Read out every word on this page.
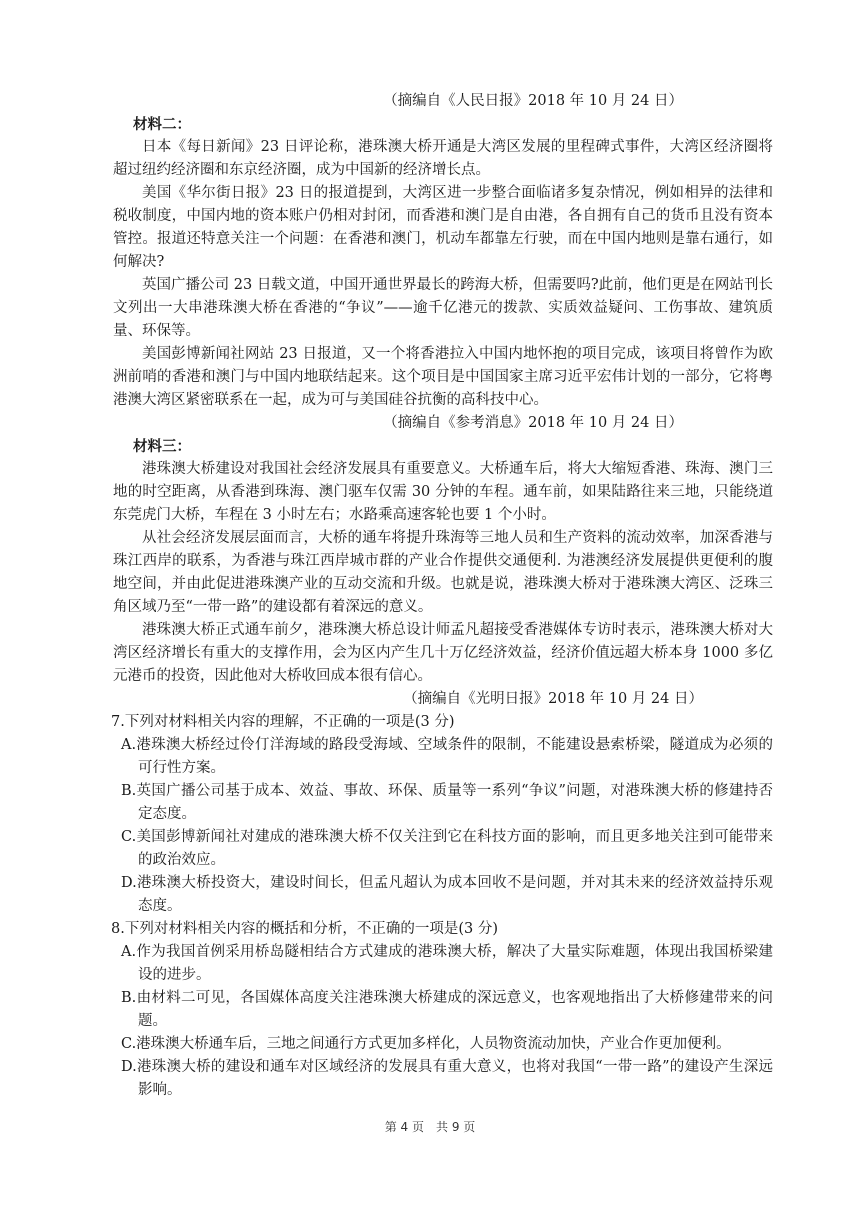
（摘编自《人民日报》2018 年 10 月 24 日）

材料二：

日本《每日新闻》23 日评论称，港珠澳大桥开通是大湾区发展的里程碑式事件，大湾区经济圈将超过纽约经济圈和东京经济圈，成为中国新的经济增长点。

美国《华尔街日报》23 日的报道提到，大湾区进一步整合面临诸多复杂情况，例如相异的法律和税收制度，中国内地的资本账户仍相对封闭，而香港和澳门是自由港，各自拥有自己的货币且没有资本管控。报道还特意关注一个问题：在香港和澳门，机动车都靠左行驶，而在中国内地则是靠右通行，如何解决?

英国广播公司 23 日载文道，中国开通世界最长的跨海大桥，但需要吗?此前，他们更是在网站刊长文列出一大串港珠澳大桥在香港的“争议”——逾千亿港元的拨款、实质效益疑问、工伤事故、建筑质量、环保等。

美国彭博新闻社网站 23 日报道，又一个将香港拉入中国内地怀抱的项目完成，该项目将曾作为欧洲前哨的香港和澳门与中国内地联结起来。这个项目是中国国家主席习近平宏伟计划的一部分，它将粤港澳大湾区紧密联系在一起，成为可与美国硅谷抗衡的高科技中心。

（摘编自《参考消息》2018 年 10 月 24 日）

材料三：

港珠澳大桥建设对我国社会经济发展具有重要意义。大桥通车后，将大大缩短香港、珠海、澳门三地的时空距离，从香港到珠海、澳门驱车仅需 30 分钟的车程。通车前，如果陆路往来三地，只能绕道东莞虎门大桥，车程在 3 小时左右；水路乘高速客轮也要 1 个小时。

从社会经济发展层面而言，大桥的通车将提升珠海等三地人员和生产资料的流动效率，加深香港与珠江西岸的联系，为香港与珠江西岸城市群的产业合作提供交通便利. 为港澳经济发展提供更便利的腹地空间，并由此促进港珠澳产业的互动交流和升级。也就是说，港珠澳大桥对于港珠澳大湾区、泛珠三角区域乃至“一带一路”的建设都有着深远的意义。

港珠澳大桥正式通车前夕，港珠澳大桥总设计师孟凡超接受香港媒体专访时表示，港珠澳大桥对大湾区经济增长有重大的支撑作用，会为区内产生几十万亿经济效益，经济价值远超大桥本身 1000 多亿元港币的投资，因此他对大桥收回成本很有信心。

（摘编自《光明日报》2018 年 10 月 24 日）

7.下列对材料相关内容的理解，不正确的一项是(3 分)

A.港珠澳大桥经过伶仃洋海域的路段受海域、空域条件的限制，不能建设悬索桥梁，隧道成为必须的可行性方案。

B.英国广播公司基于成本、效益、事故、环保、质量等一系列“争议”问题，对港珠澳大桥的修建持否定态度。

C.美国彭博新闻社对建成的港珠澳大桥不仅关注到它在科技方面的影响，而且更多地关注到可能带来的政治效应。

D.港珠澳大桥投资大，建设时间长，但孟凡超认为成本回收不是问题，并对其未来的经济效益持乐观态度。

8.下列对材料相关内容的概括和分析，不正确的一项是(3 分)

A.作为我国首例采用桥岛隧相结合方式建成的港珠澳大桥，解决了大量实际难题，体现出我国桥梁建设的进步。

B.由材料二可见，各国媒体高度关注港珠澳大桥建成的深远意义，也客观地指出了大桥修建带来的问题。

C.港珠澳大桥通车后，三地之间通行方式更加多样化，人员物资流动加快，产业合作更加便利。

D.港珠澳大桥的建设和通车对区域经济的发展具有重大意义，也将对我国“一带一路”的建设产生深远影响。

第 4 页　共 9 页
